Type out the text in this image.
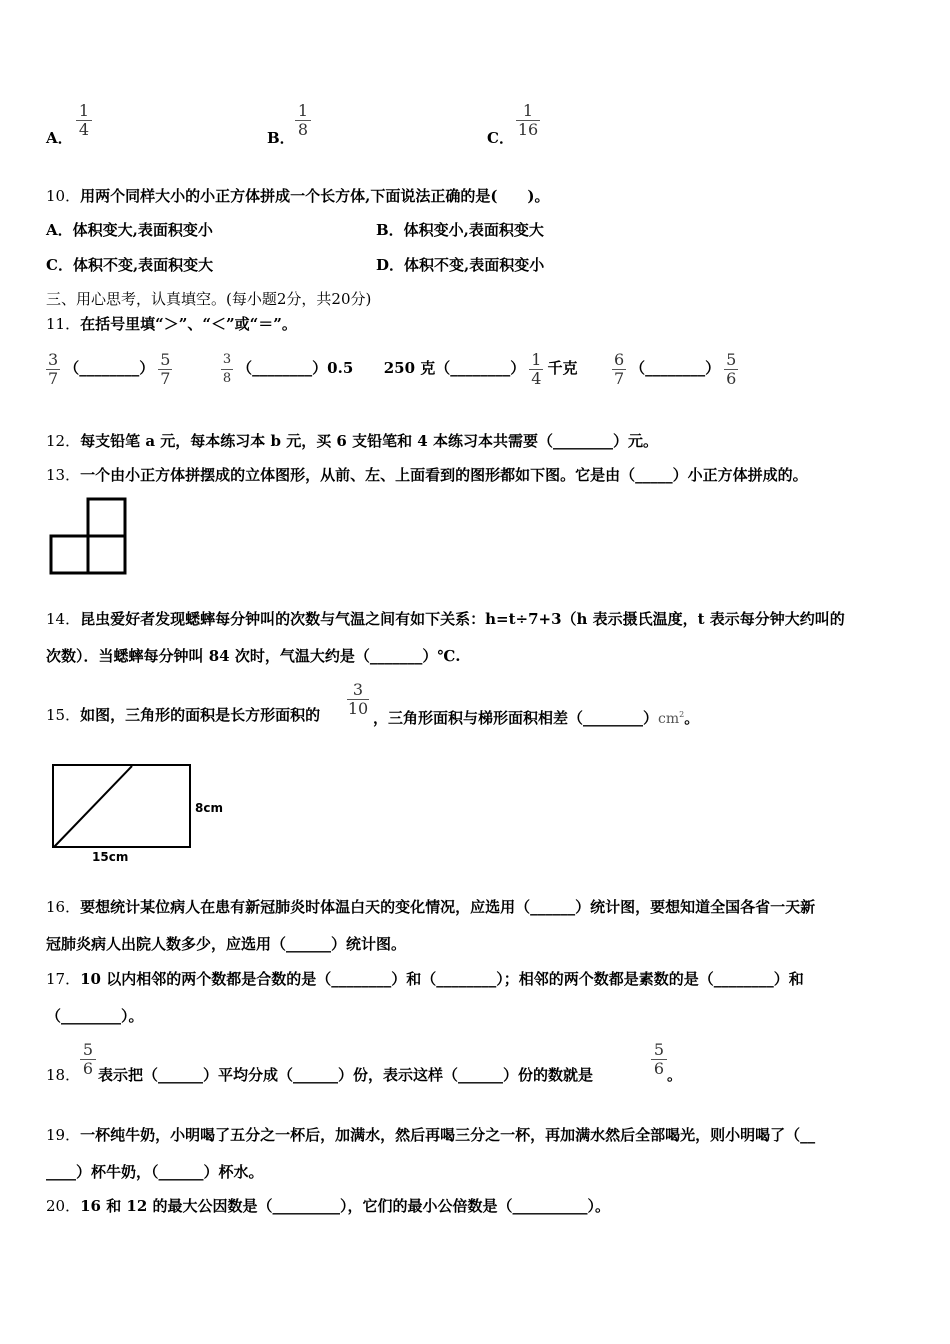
A． $\frac{1}{4}$	B． $\frac{1}{8}$	C． $\frac{1}{16}$
10．用两个同样大小的小正方体拼成一个长方体,下面说法正确的是(　　)。
A．体积变大,表面积变小	B．体积变小,表面积变大
C．体积不变,表面积变大	D．体积不变,表面积变小
三、用心思考，认真填空。(每小题2分，共20分)
11．在括号里填“＞”、“＜”或“＝”。
$\frac{3}{7}$ （________） $\frac{5}{7}$
	$\frac{3}{8}$ （________）0.5 250 克（________） $\frac{1}{4}$ 千克 $\frac{6}{7}$ （________） $\frac{5}{6}$
12．每支铅笔 a 元，每本练习本 b 元，买 6 支铅笔和 4 本练习本共需要（________）元。
13．一个由小正方体拼摆成的立体图形，从前、左、上面看到的图形都如下图。它是由（_____）小正方体拼成的。
14．昆虫爱好者发现蟋蟀每分钟叫的次数与气温之间有如下关系：h=t÷7+3（h 表示摄氏温度，t 表示每分钟大约叫的
次数）．当蟋蟀每分钟叫 84 次时，气温大约是（_______）℃.
15．如图，三角形的面积是长方形面积的
3
10 ，三角形面积与梯形面积相差$(\_\_\_\_\_\_\_\_)cm^2$。
8cm
15cm
16．要想统计某位病人在患有新冠肺炎时体温白天的变化情况，应选用（______）统计图，要想知道全国各省一天新
冠肺炎病人出院人数多少，应选用（______）统计图。
17．10 以内相邻的两个数都是合数的是（________）和（________）；相邻的两个数都是素数的是（________）和
（________）。
18．
5
6 表示把（______）平均分成（______）份，表示这样（______）份的数就是
5
6 。
19．一杯纯牛奶，小明喝了五分之一杯后，加满水，然后再喝三分之一杯，再加满水然后全部喝光，则小明喝了（__
____）杯牛奶，（______）杯水。
20．16 和 12 的最大公因数是（_________），它们的最小公倍数是（__________）。
